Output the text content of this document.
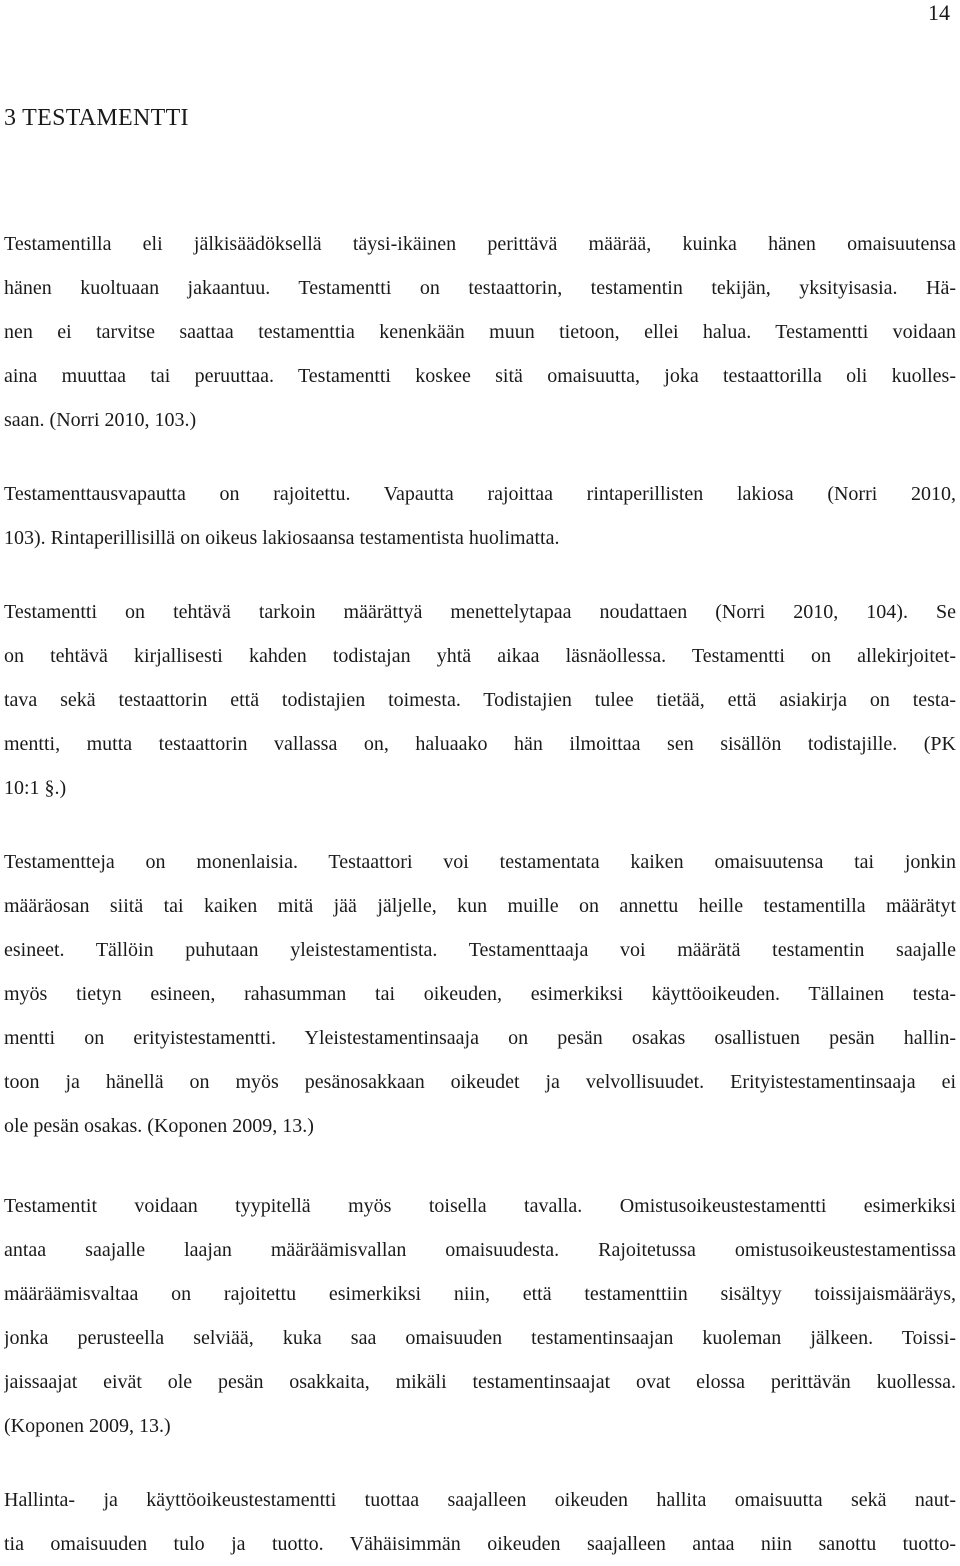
14
3 TESTAMENTTI
Testamentilla eli jälkisäädöksellä täysi-ikäinen perittävä määrää, kuinka hänen omaisuutensa
hänen kuoltuaan jakaantuu. Testamentti on testaattorin, testamentin tekijän, yksityisasia. Hä-
nen ei tarvitse saattaa testamenttia kenenkään muun tietoon, ellei halua. Testamentti voidaan
aina muuttaa tai peruuttaa. Testamentti koskee sitä omaisuutta, joka testaattorilla oli kuolles-
saan. (Norri 2010, 103.)
Testamenttausvapautta on rajoitettu. Vapautta rajoittaa rintaperillisten lakiosa (Norri 2010,
103). Rintaperillisillä on oikeus lakiosaansa testamentista huolimatta.
Testamentti on tehtävä tarkoin määrättyä menettelytapaa noudattaen (Norri 2010, 104). Se
on tehtävä kirjallisesti kahden todistajan yhtä aikaa läsnäollessa. Testamentti on allekirjoitet-
tava sekä testaattorin että todistajien toimesta. Todistajien tulee tietää, että asiakirja on testa-
mentti, mutta testaattorin vallassa on, haluaako hän ilmoittaa sen sisällön todistajille. (PK
10:1 §.)
Testamentteja on monenlaisia. Testaattori voi testamentata kaiken omaisuutensa tai jonkin
määräosan siitä tai kaiken mitä jää jäljelle, kun muille on annettu heille testamentilla määrätyt
esineet. Tällöin puhutaan yleistestamentista. Testamenttaaja voi määrätä testamentin saajalle
myös tietyn esineen, rahasumman tai oikeuden, esimerkiksi käyttöoikeuden. Tällainen testa-
mentti on erityistestamentti. Yleistestamentinsaaja on pesän osakas osallistuen pesän hallin-
toon ja hänellä on myös pesänosakkaan oikeudet ja velvollisuudet. Erityistestamentinsaaja ei
ole pesän osakas. (Koponen 2009, 13.)
Testamentit voidaan tyypitellä myös toisella tavalla. Omistusoikeustestamentti esimerkiksi
antaa saajalle laajan määräämisvallan omaisuudesta. Rajoitetussa omistusoikeustestamentissa
määräämisvaltaa on rajoitettu esimerkiksi niin, että testamenttiin sisältyy toissijaismääräys,
jonka perusteella selviää, kuka saa omaisuuden testamentinsaajan kuoleman jälkeen. Toissi-
jaissaajat eivät ole pesän osakkaita, mikäli testamentinsaajat ovat elossa perittävän kuollessa.
(Koponen 2009, 13.)
Hallinta- ja käyttöoikeustestamentti tuottaa saajalleen oikeuden hallita omaisuutta sekä naut-
tia omaisuuden tulo ja tuotto. Vähäisimmän oikeuden saajalleen antaa niin sanottu tuotto-
